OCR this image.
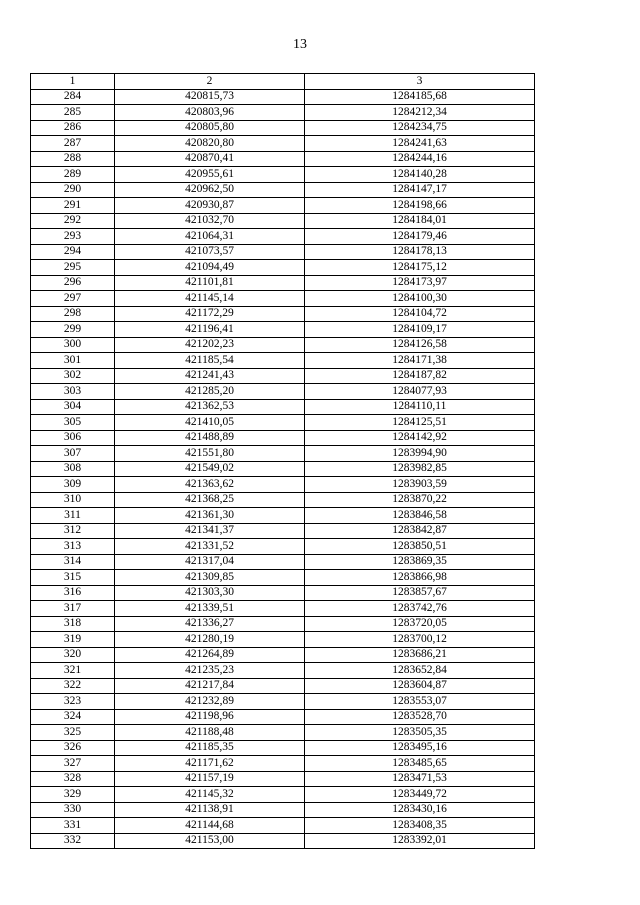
13
1	2	3
284	420815,73	1284185,68
285	420803,96	1284212,34
286	420805,80	1284234,75
287	420820,80	1284241,63
288	420870,41	1284244,16
289	420955,61	1284140,28
290	420962,50	1284147,17
291	420930,87	1284198,66
292	421032,70	1284184,01
293	421064,31	1284179,46
294	421073,57	1284178,13
295	421094,49	1284175,12
296	421101,81	1284173,97
297	421145,14	1284100,30
298	421172,29	1284104,72
299	421196,41	1284109,17
300	421202,23	1284126,58
301	421185,54	1284171,38
302	421241,43	1284187,82
303	421285,20	1284077,93
304	421362,53	1284110,11
305	421410,05	1284125,51
306	421488,89	1284142,92
307	421551,80	1283994,90
308	421549,02	1283982,85
309	421363,62	1283903,59
310	421368,25	1283870,22
311	421361,30	1283846,58
312	421341,37	1283842,87
313	421331,52	1283850,51
314	421317,04	1283869,35
315	421309,85	1283866,98
316	421303,30	1283857,67
317	421339,51	1283742,76
318	421336,27	1283720,05
319	421280,19	1283700,12
320	421264,89	1283686,21
321	421235,23	1283652,84
322	421217,84	1283604,87
323	421232,89	1283553,07
324	421198,96	1283528,70
325	421188,48	1283505,35
326	421185,35	1283495,16
327	421171,62	1283485,65
328	421157,19	1283471,53
329	421145,32	1283449,72
330	421138,91	1283430,16
331	421144,68	1283408,35
332	421153,00	1283392,01
